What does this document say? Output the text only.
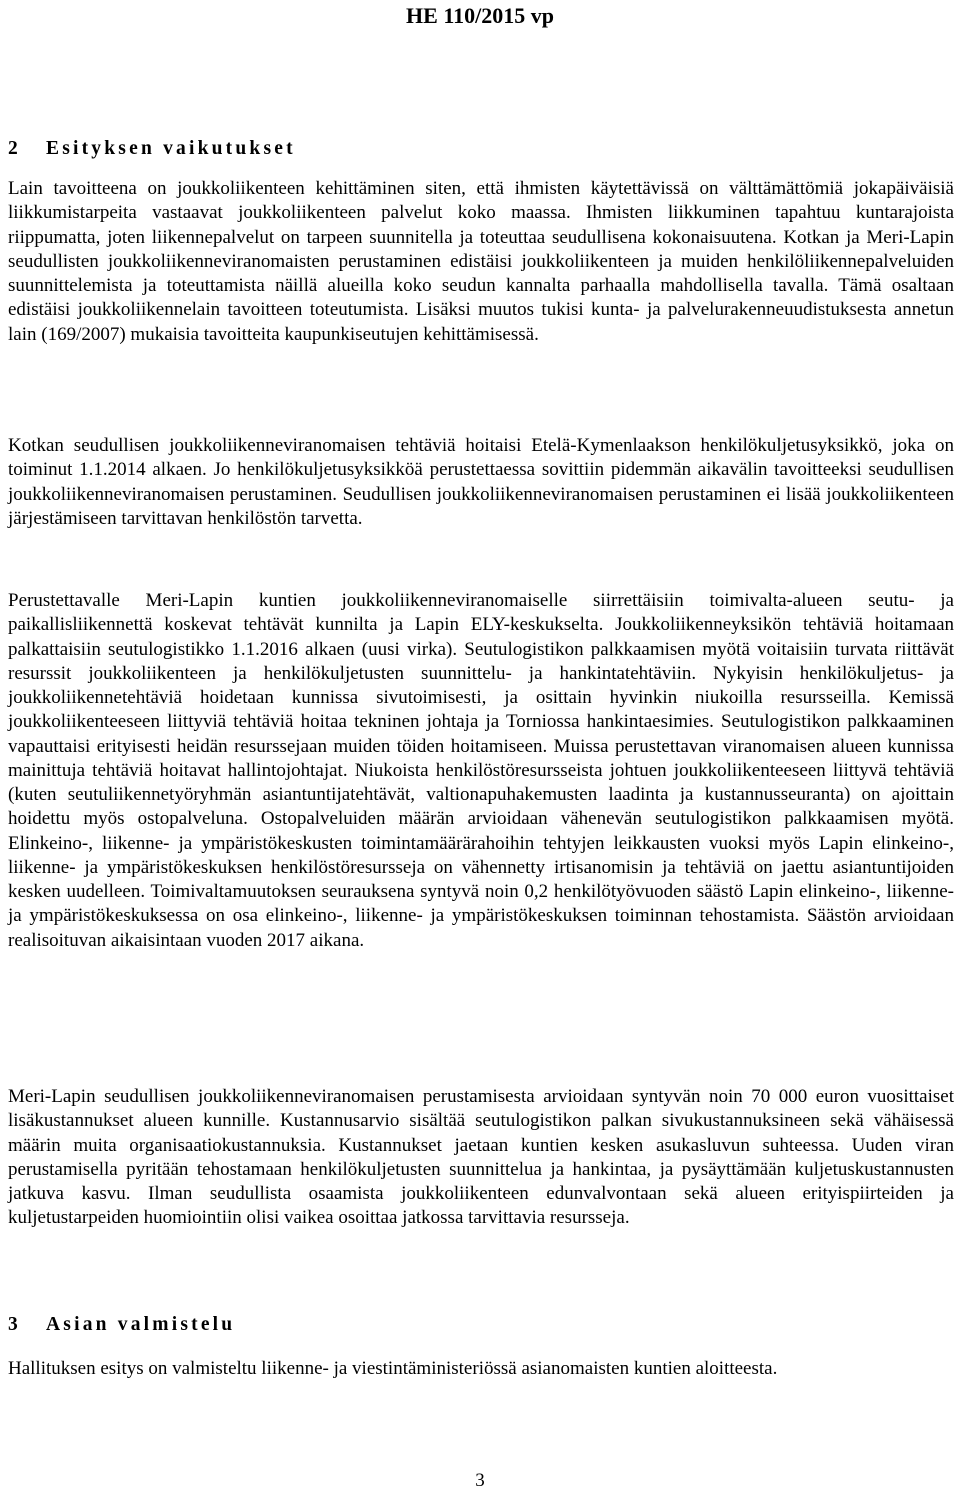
HE 110/2015 vp
2 Esityksen vaikutukset
Lain tavoitteena on joukkoliikenteen kehittäminen siten, että ihmisten käytettävissä on välttämättömiä jokapäiväisiä liikkumistarpeita vastaavat joukkoliikenteen palvelut koko maassa. Ihmisten liikkuminen tapahtuu kuntarajoista riippumatta, joten liikennepalvelut on tarpeen suunnitella ja toteuttaa seudullisena kokonaisuutena. Kotkan ja Meri-Lapin seudullisten joukkoliikenneviranomaisten perustaminen edistäisi joukkoliikenteen ja muiden henkilöliikennepalveluiden suunnittelemista ja toteuttamista näillä alueilla koko seudun kannalta parhaalla mahdollisella tavalla. Tämä osaltaan edistäisi joukkoliikennelain tavoitteen toteutumista. Lisäksi muutos tukisi kunta- ja palvelurakenneuudistuksesta annetun lain (169/2007) mukaisia tavoitteita kaupunkiseutujen kehittämisessä.
Kotkan seudullisen joukkoliikenneviranomaisen tehtäviä hoitaisi Etelä-Kymenlaakson henkilökuljetusyksikkö, joka on toiminut 1.1.2014 alkaen. Jo henkilökuljetusyksikköä perustettaessa sovittiin pidemmän aikavälin tavoitteeksi seudullisen joukkoliikenneviranomaisen perustaminen. Seudullisen joukkoliikenneviranomaisen perustaminen ei lisää joukkoliikenteen järjestämiseen tarvittavan henkilöstön tarvetta.
Perustettavalle Meri-Lapin kuntien joukkoliikenneviranomaiselle siirrettäisiin toimivalta-alueen seutu- ja paikallisliikennettä koskevat tehtävät kunnilta ja Lapin ELY-keskukselta. Joukkoliikenneyksikön tehtäviä hoitamaan palkattaisiin seutulogistikko 1.1.2016 alkaen (uusi virka). Seutulogistikon palkkaamisen myötä voitaisiin turvata riittävät resurssit joukkoliikenteen ja henkilökuljetusten suunnittelu- ja hankintatehtäviin. Nykyisin henkilökuljetus- ja joukkoliikennetehtäviä hoidetaan kunnissa sivutoimisesti, ja osittain hyvinkin niukoilla resursseilla. Kemissä joukkoliikenteeseen liittyviä tehtäviä hoitaa tekninen johtaja ja Torniossa hankintaesimies. Seutulogistikon palkkaaminen vapauttaisi erityisesti heidän resurssejaan muiden töiden hoitamiseen. Muissa perustettavan viranomaisen alueen kunnissa mainittuja tehtäviä hoitavat hallintojohtajat. Niukoista henkilöstöresursseista johtuen joukkoliikenteeseen liittyvä tehtäviä (kuten seutuliikennetyöryhmän asiantuntijatehtävät, valtionapuhakemusten laadinta ja kustannusseuranta) on ajoittain hoidettu myös ostopalveluna. Ostopalveluiden määrän arvioidaan vähenevän seutulogistikon palkkaamisen myötä. Elinkeino-, liikenne- ja ympäristökeskusten toimintamäärärahoihin tehtyjen leikkausten vuoksi myös Lapin elinkeino-, liikenne- ja ympäristökeskuksen henkilöstöresursseja on vähennetty irtisanomisin ja tehtäviä on jaettu asiantuntijoiden kesken uudelleen. Toimivaltamuutoksen seurauksena syntyvä noin 0,2 henkilötyövuoden säästö Lapin elinkeino-, liikenne- ja ympäristökeskuksessa on osa elinkeino-, liikenne- ja ympäristökeskuksen toiminnan tehostamista. Säästön arvioidaan realisoituvan aikaisintaan vuoden 2017 aikana.
Meri-Lapin seudullisen joukkoliikenneviranomaisen perustamisesta arvioidaan syntyvän noin 70 000 euron vuosittaiset lisäkustannukset alueen kunnille. Kustannusarvio sisältää seutulogistikon palkan sivukustannuksineen sekä vähäisessä määrin muita organisaatiokustannuksia. Kustannukset jaetaan kuntien kesken asukasluvun suhteessa. Uuden viran perustamisella pyritään tehostamaan henkilökuljetusten suunnittelua ja hankintaa, ja pysäyttämään kuljetuskustannusten jatkuva kasvu. Ilman seudullista osaamista joukkoliikenteen edunvalvontaan sekä alueen erityispiirteiden ja kuljetustarpeiden huomiointiin olisi vaikea osoittaa jatkossa tarvittavia resursseja.
3 Asian valmistelu
Hallituksen esitys on valmisteltu liikenne- ja viestintäministeriössä asianomaisten kuntien aloitteesta.
3
